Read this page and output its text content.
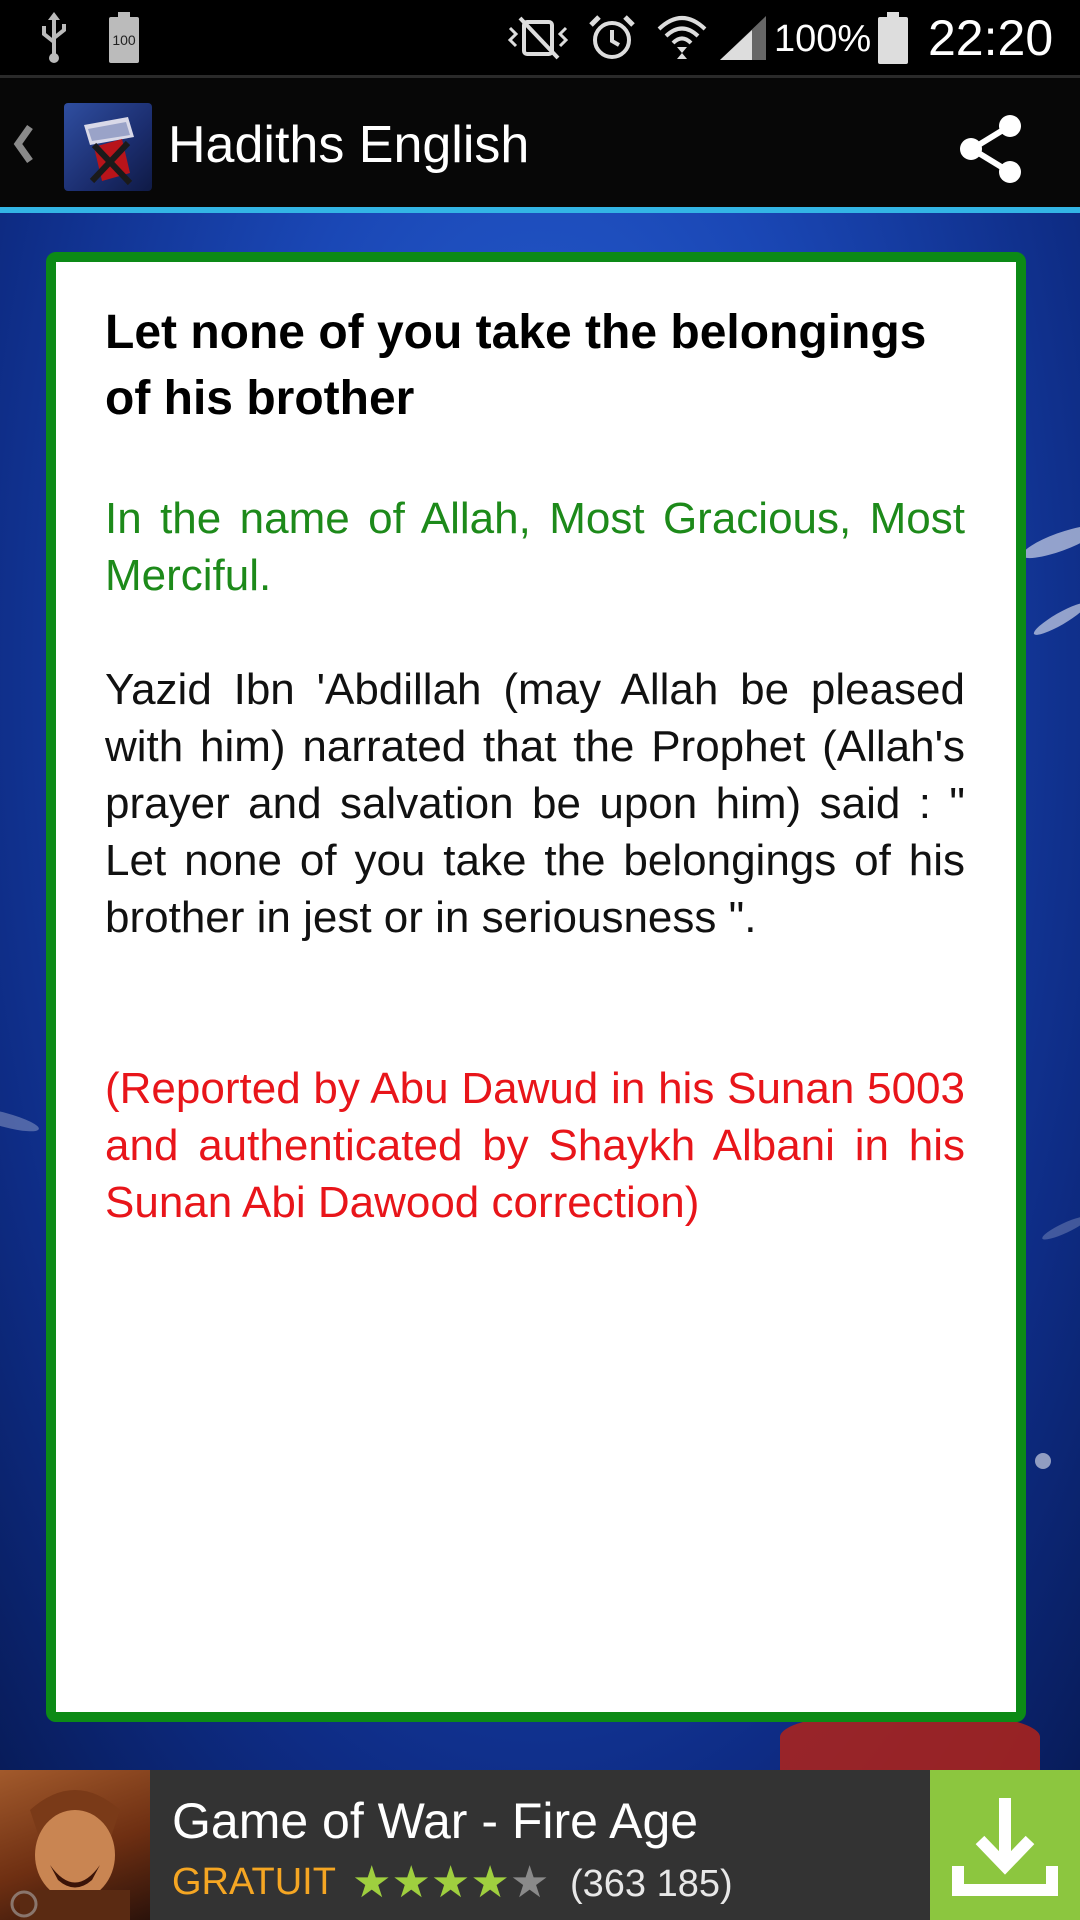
100	100% 22:20
Hadiths English
Let none of you take the belongings of his brother
In the name of Allah, Most Gracious, Most Merciful.
Yazid Ibn 'Abdillah (may Allah be pleased with him) narrated that the Prophet (Allah's prayer and salvation be upon him) said : " Let none of you take the belongings of his brother in jest or in seriousness ".
(Reported by Abu Dawud in his Sunan 5003 and authenticated by Shaykh Albani in his Sunan Abi Dawood correction)
Game of War - Fire Age
GRATUIT ★ ★ ★ ★ ★ (363 185)
